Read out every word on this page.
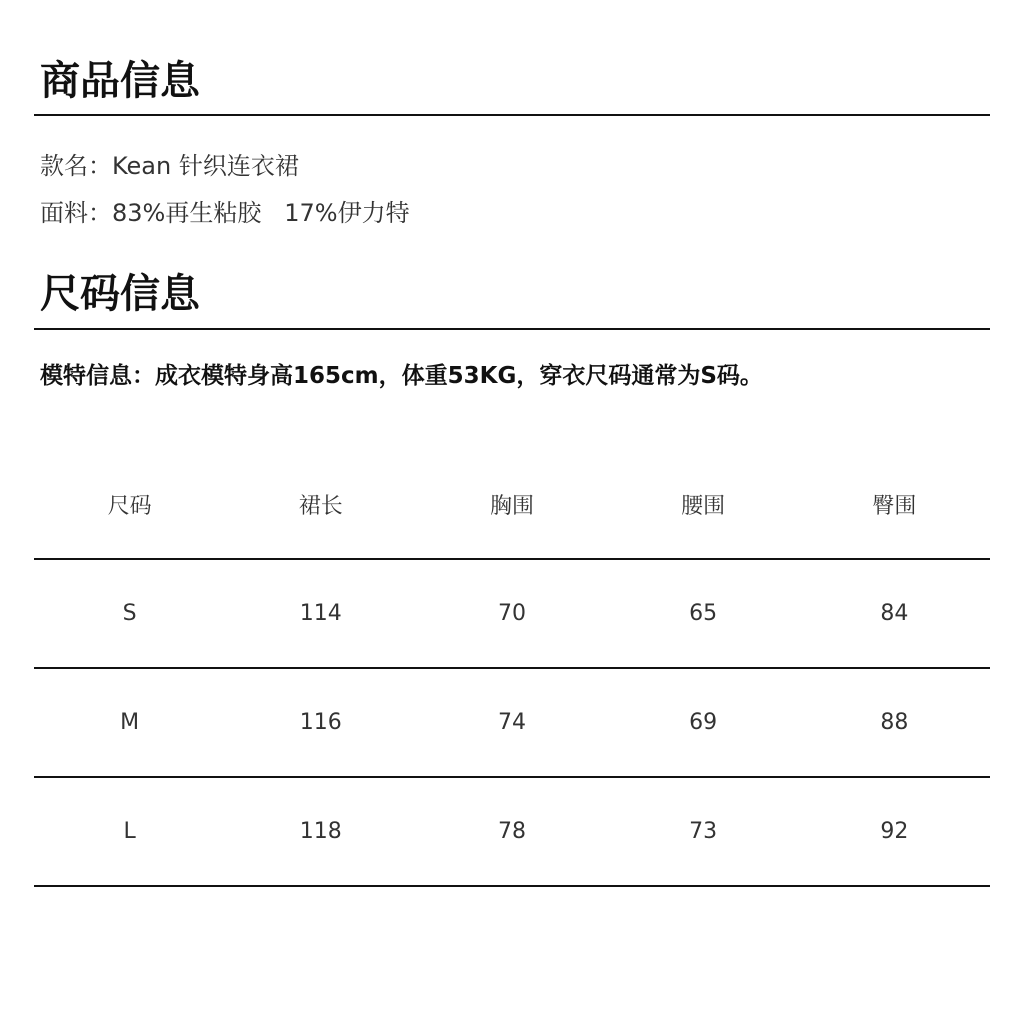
商品信息
款名：Kean 针织连衣裙
面料：83%再生粘胶   17%伊力特
尺码信息
模特信息：成衣模特身高165cm，体重53KG，穿衣尺码通常为S码。
尺码	裙长	胸围	腰围	臀围
S	114	70	65	84
M	116	74	69	88
L	118	78	73	92
